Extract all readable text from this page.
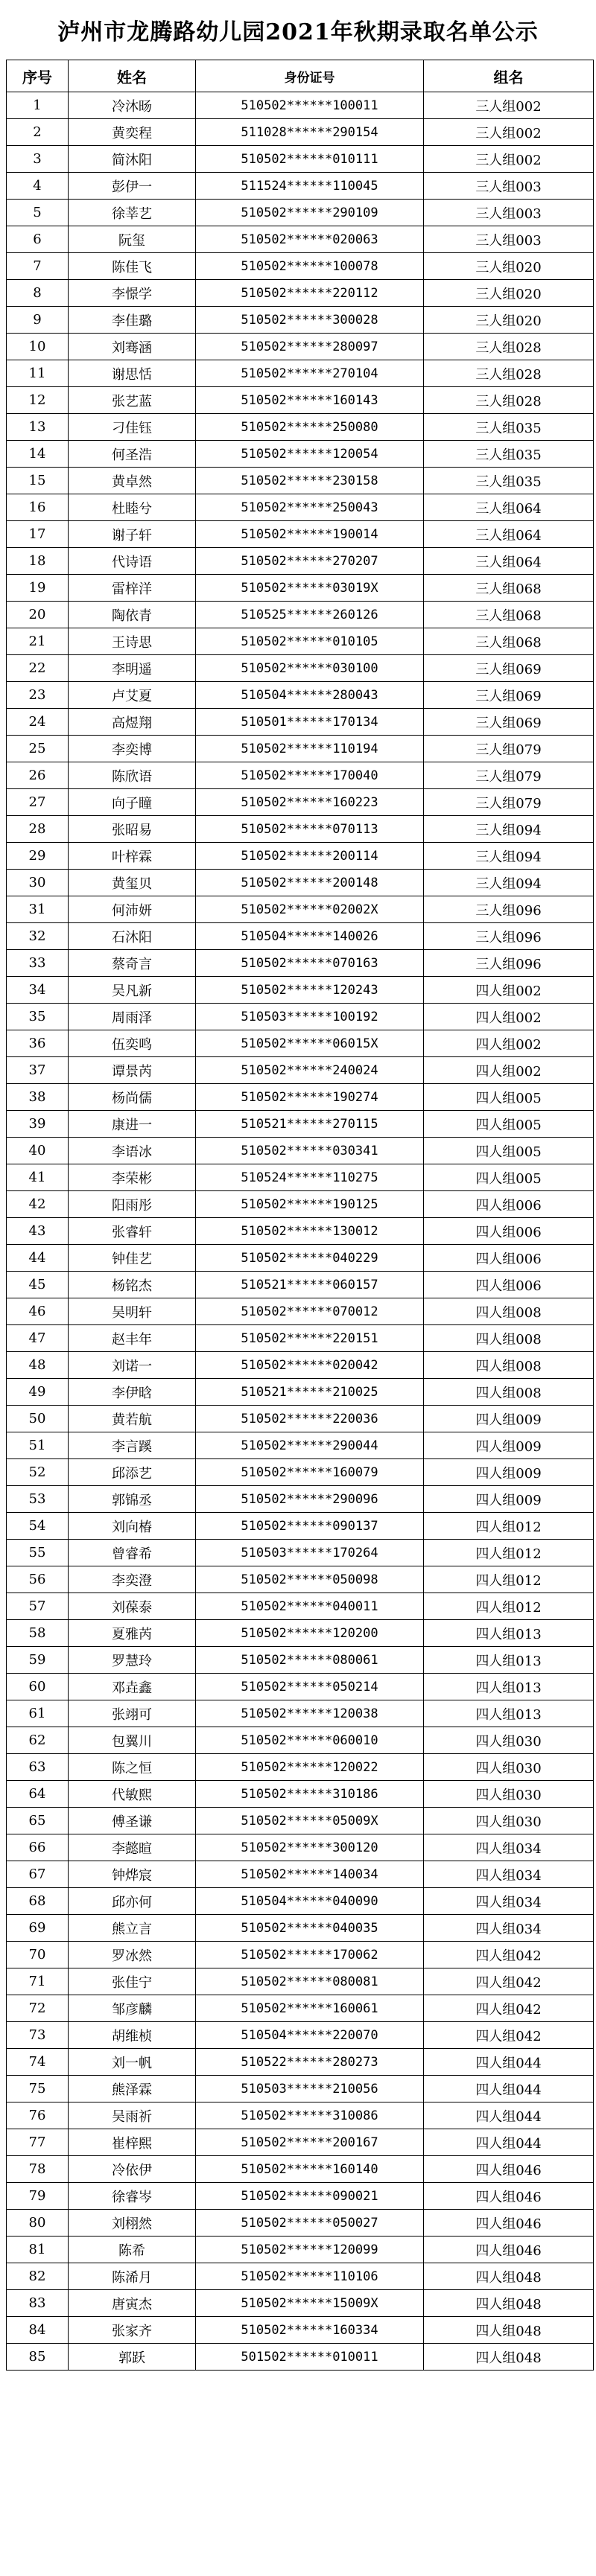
泸州市龙腾路幼儿园2021年秋期录取名单公示
序号	姓名	身份证号	组名
1	冷沐旸	510502******100011	三人组002
2	黄奕程	511028******290154	三人组002
3	简沐阳	510502******010111	三人组002
4	彭伊一	511524******110045	三人组003
5	徐莘艺	510502******290109	三人组003
6	阮玺	510502******020063	三人组003
7	陈佳飞	510502******100078	三人组020
8	李憬学	510502******220112	三人组020
9	李佳璐	510502******300028	三人组020
10	刘骞涵	510502******280097	三人组028
11	谢思恬	510502******270104	三人组028
12	张艺蓝	510502******160143	三人组028
13	刁佳钰	510502******250080	三人组035
14	何圣浩	510502******120054	三人组035
15	黄卓然	510502******230158	三人组035
16	杜睦兮	510502******250043	三人组064
17	谢子轩	510502******190014	三人组064
18	代诗语	510502******270207	三人组064
19	雷梓洋	510502******03019X	三人组068
20	陶依青	510525******260126	三人组068
21	王诗思	510502******010105	三人组068
22	李明遥	510502******030100	三人组069
23	卢艾夏	510504******280043	三人组069
24	高煜翔	510501******170134	三人组069
25	李奕博	510502******110194	三人组079
26	陈欣语	510502******170040	三人组079
27	向子瞳	510502******160223	三人组079
28	张昭易	510502******070113	三人组094
29	叶梓霖	510502******200114	三人组094
30	黄玺贝	510502******200148	三人组094
31	何沛妍	510502******02002X	三人组096
32	石沐阳	510504******140026	三人组096
33	蔡奇言	510502******070163	三人组096
34	吴凡新	510502******120243	四人组002
35	周雨泽	510503******100192	四人组002
36	伍奕鸣	510502******06015X	四人组002
37	谭景芮	510502******240024	四人组002
38	杨尚儒	510502******190274	四人组005
39	康进一	510521******270115	四人组005
40	李语冰	510502******030341	四人组005
41	李荣彬	510524******110275	四人组005
42	阳雨彤	510502******190125	四人组006
43	张睿轩	510502******130012	四人组006
44	钟佳艺	510502******040229	四人组006
45	杨铭杰	510521******060157	四人组006
46	吴明轩	510502******070012	四人组008
47	赵丰年	510502******220151	四人组008
48	刘诺一	510502******020042	四人组008
49	李伊晗	510521******210025	四人组008
50	黄若航	510502******220036	四人组009
51	李言蹊	510502******290044	四人组009
52	邱添艺	510502******160079	四人组009
53	郭锦丞	510502******290096	四人组009
54	刘向椿	510502******090137	四人组012
55	曾睿希	510503******170264	四人组012
56	李奕澄	510502******050098	四人组012
57	刘葆泰	510502******040011	四人组012
58	夏雅芮	510502******120200	四人组013
59	罗慧玲	510502******080061	四人组013
60	邓垚鑫	510502******050214	四人组013
61	张翊可	510502******120038	四人组013
62	包翼川	510502******060010	四人组030
63	陈之恒	510502******120022	四人组030
64	代敏熙	510502******310186	四人组030
65	傅圣谦	510502******05009X	四人组030
66	李懿暄	510502******300120	四人组034
67	钟烨宸	510502******140034	四人组034
68	邱亦何	510504******040090	四人组034
69	熊立言	510502******040035	四人组034
70	罗冰然	510502******170062	四人组042
71	张佳宁	510502******080081	四人组042
72	邹彦麟	510502******160061	四人组042
73	胡维桢	510504******220070	四人组042
74	刘一帆	510522******280273	四人组044
75	熊泽霖	510503******210056	四人组044
76	吴雨祈	510502******310086	四人组044
77	崔梓熙	510502******200167	四人组044
78	冷依伊	510502******160140	四人组046
79	徐睿岑	510502******090021	四人组046
80	刘栩然	510502******050027	四人组046
81	陈希	510502******120099	四人组046
82	陈浠月	510502******110106	四人组048
83	唐寅杰	510502******15009X	四人组048
84	张家齐	510502******160334	四人组048
85	郭跃	501502******010011	四人组048
